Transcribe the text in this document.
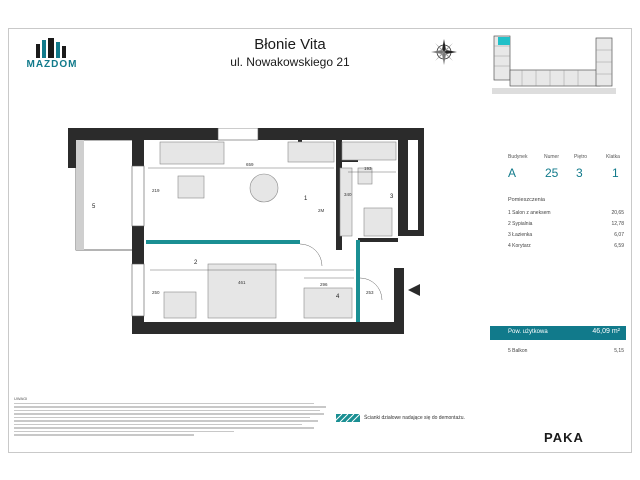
MAZDOM
Błonie Vita
ul. Nowakowskiego 21
Budynek	Numer	Piętro	Klatka
A 25 3 1
Pomieszczenia
1 Salon z aneksem	20,65
2 Sypialnia	12,78
3 Łazienka	6,07
4 Korytarz	6,59
Pow. użytkowa	46,09 m²
5 Balkon	5,15
659
193
219
340
2M
461	296
250	253
1
2
3
4
5
UWAGI
Ścianki działowe nadające się do demontażu.
PAKA
